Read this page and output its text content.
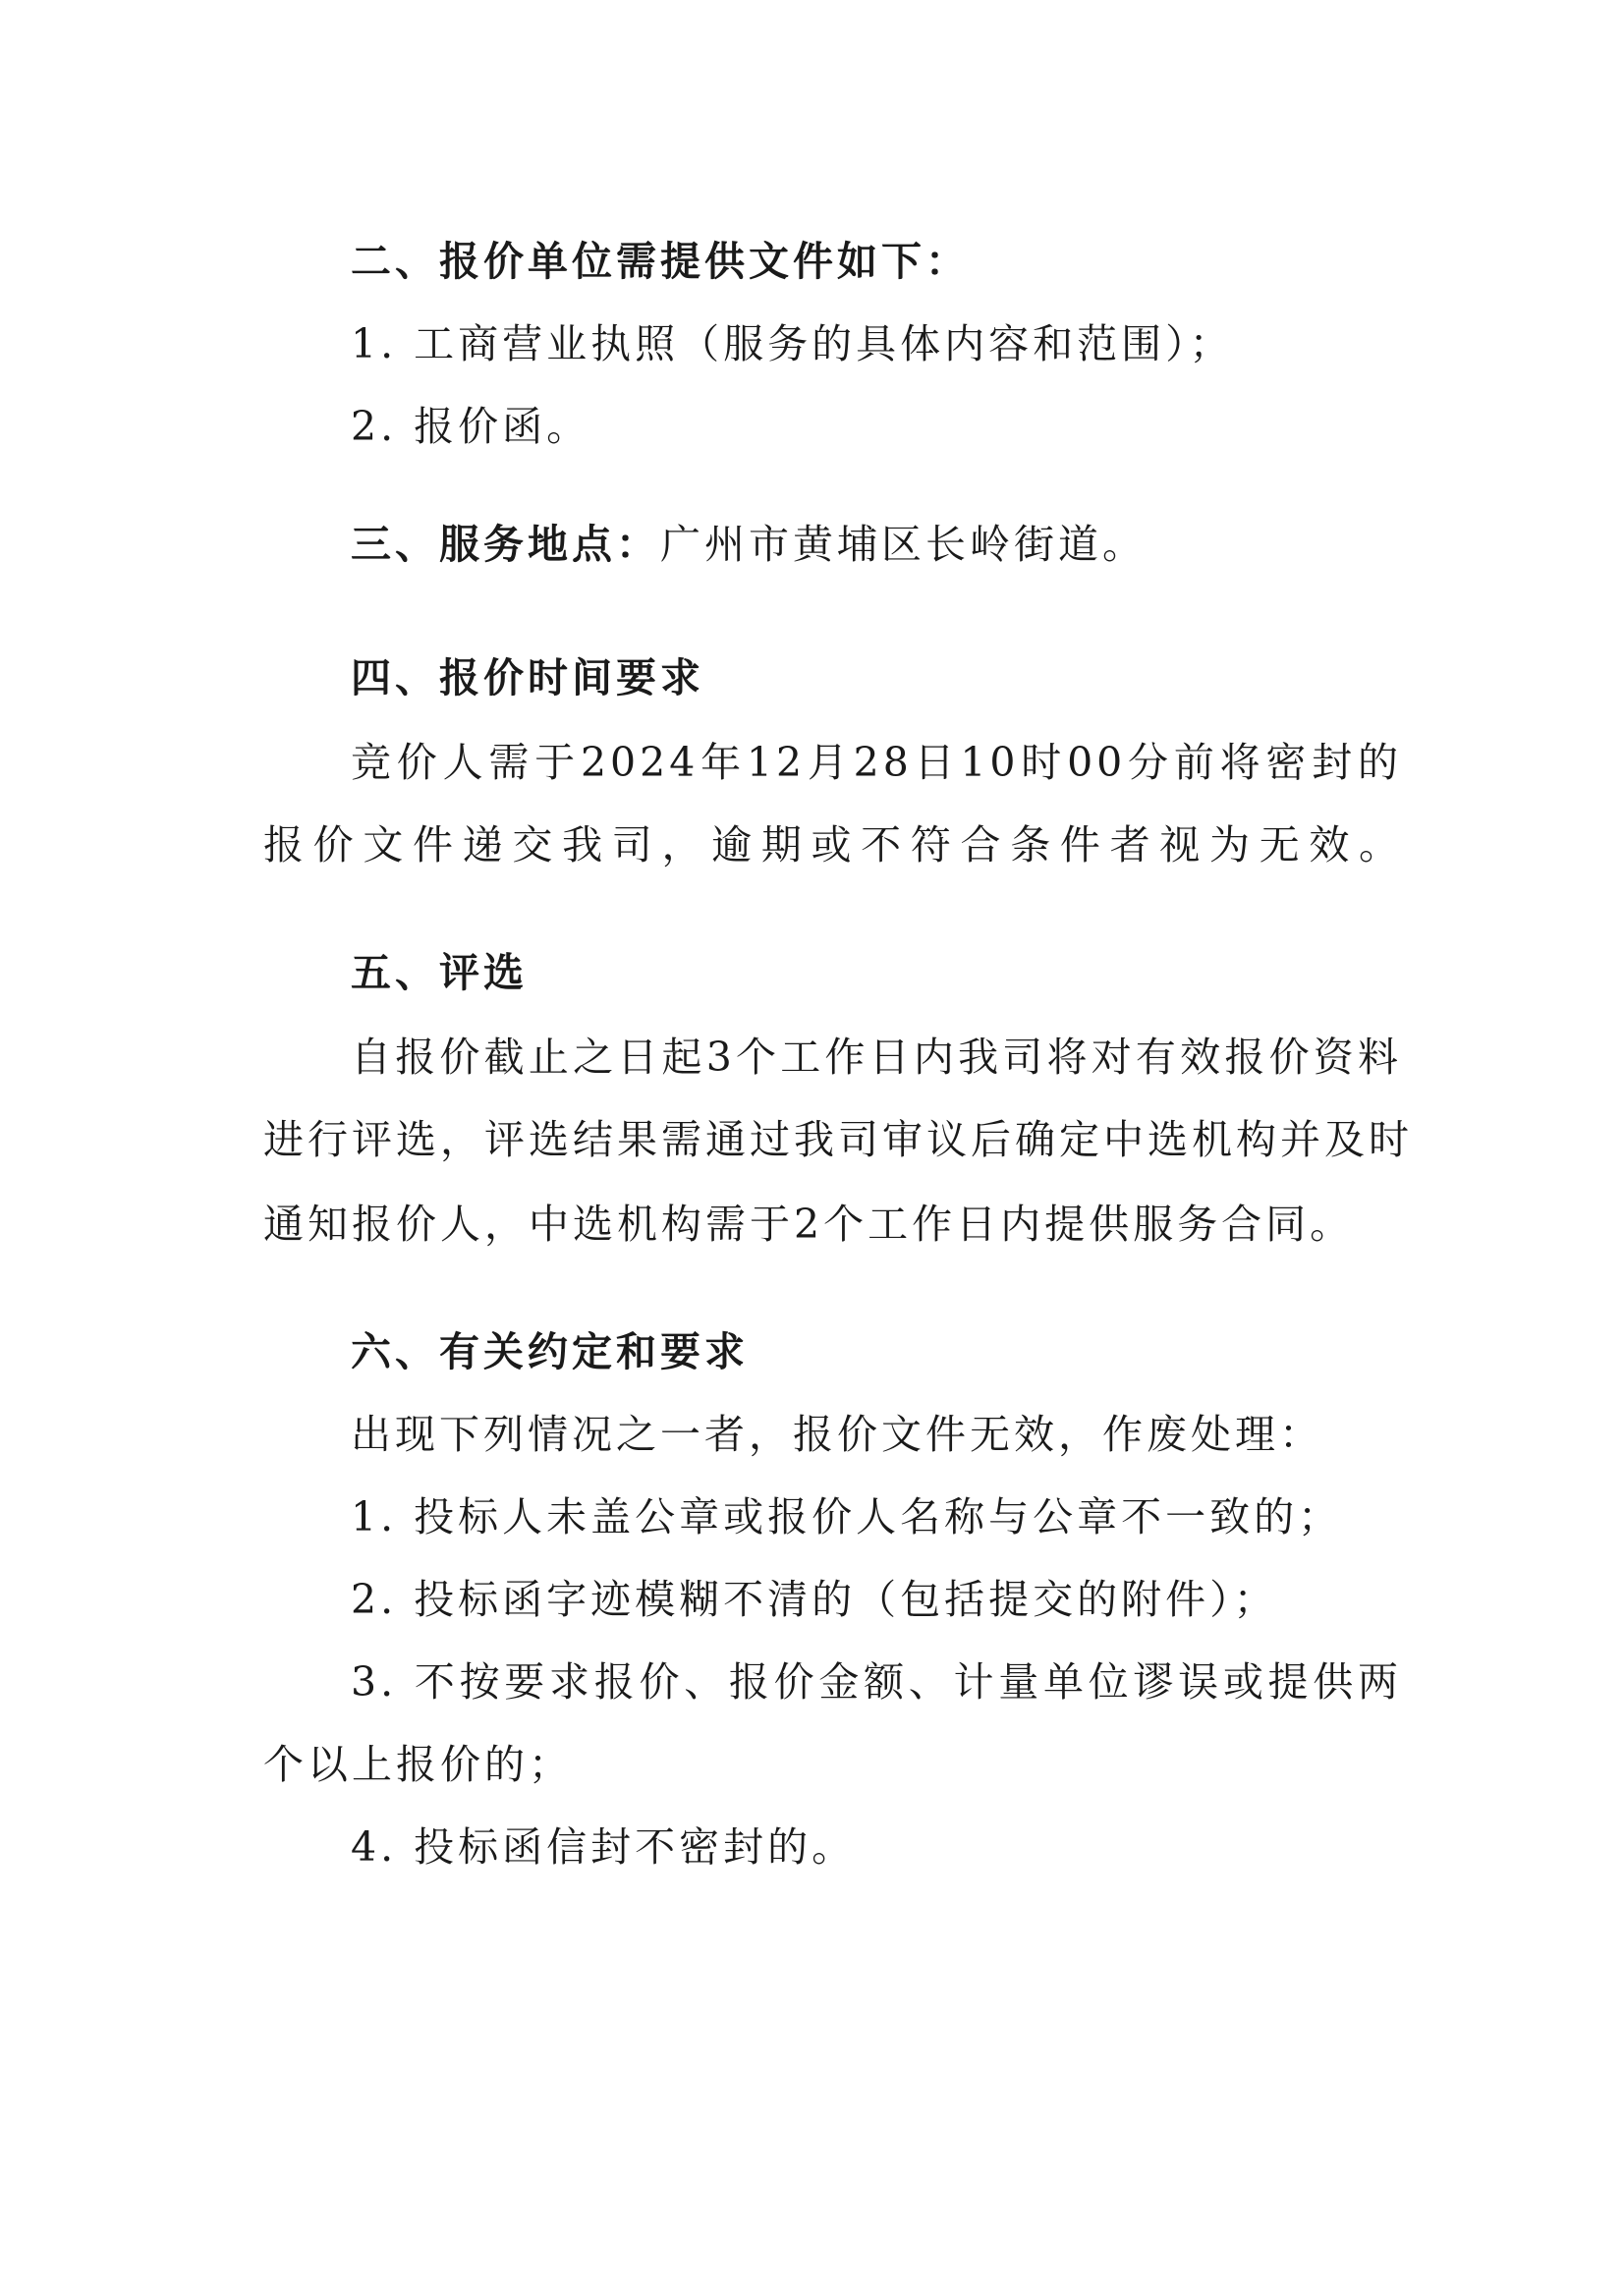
二、报价单位需提供文件如下：
1. 工商营业执照（服务的具体内容和范围）；
2. 报价函。
三、服务地点：广州市黄埔区长岭街道。
四、报价时间要求
竞价人需于2024年12月28日10时00分前将密封的
报价文件递交我司，逾期或不符合条件者视为无效。
五、评选
自报价截止之日起3个工作日内我司将对有效报价资料
进行评选，评选结果需通过我司审议后确定中选机构并及时
通知报价人，中选机构需于2个工作日内提供服务合同。
六、有关约定和要求
出现下列情况之一者，报价文件无效，作废处理：
1. 投标人未盖公章或报价人名称与公章不一致的；
2. 投标函字迹模糊不清的（包括提交的附件）；
3. 不按要求报价、报价金额、计量单位谬误或提供两
个以上报价的；
4. 投标函信封不密封的。
